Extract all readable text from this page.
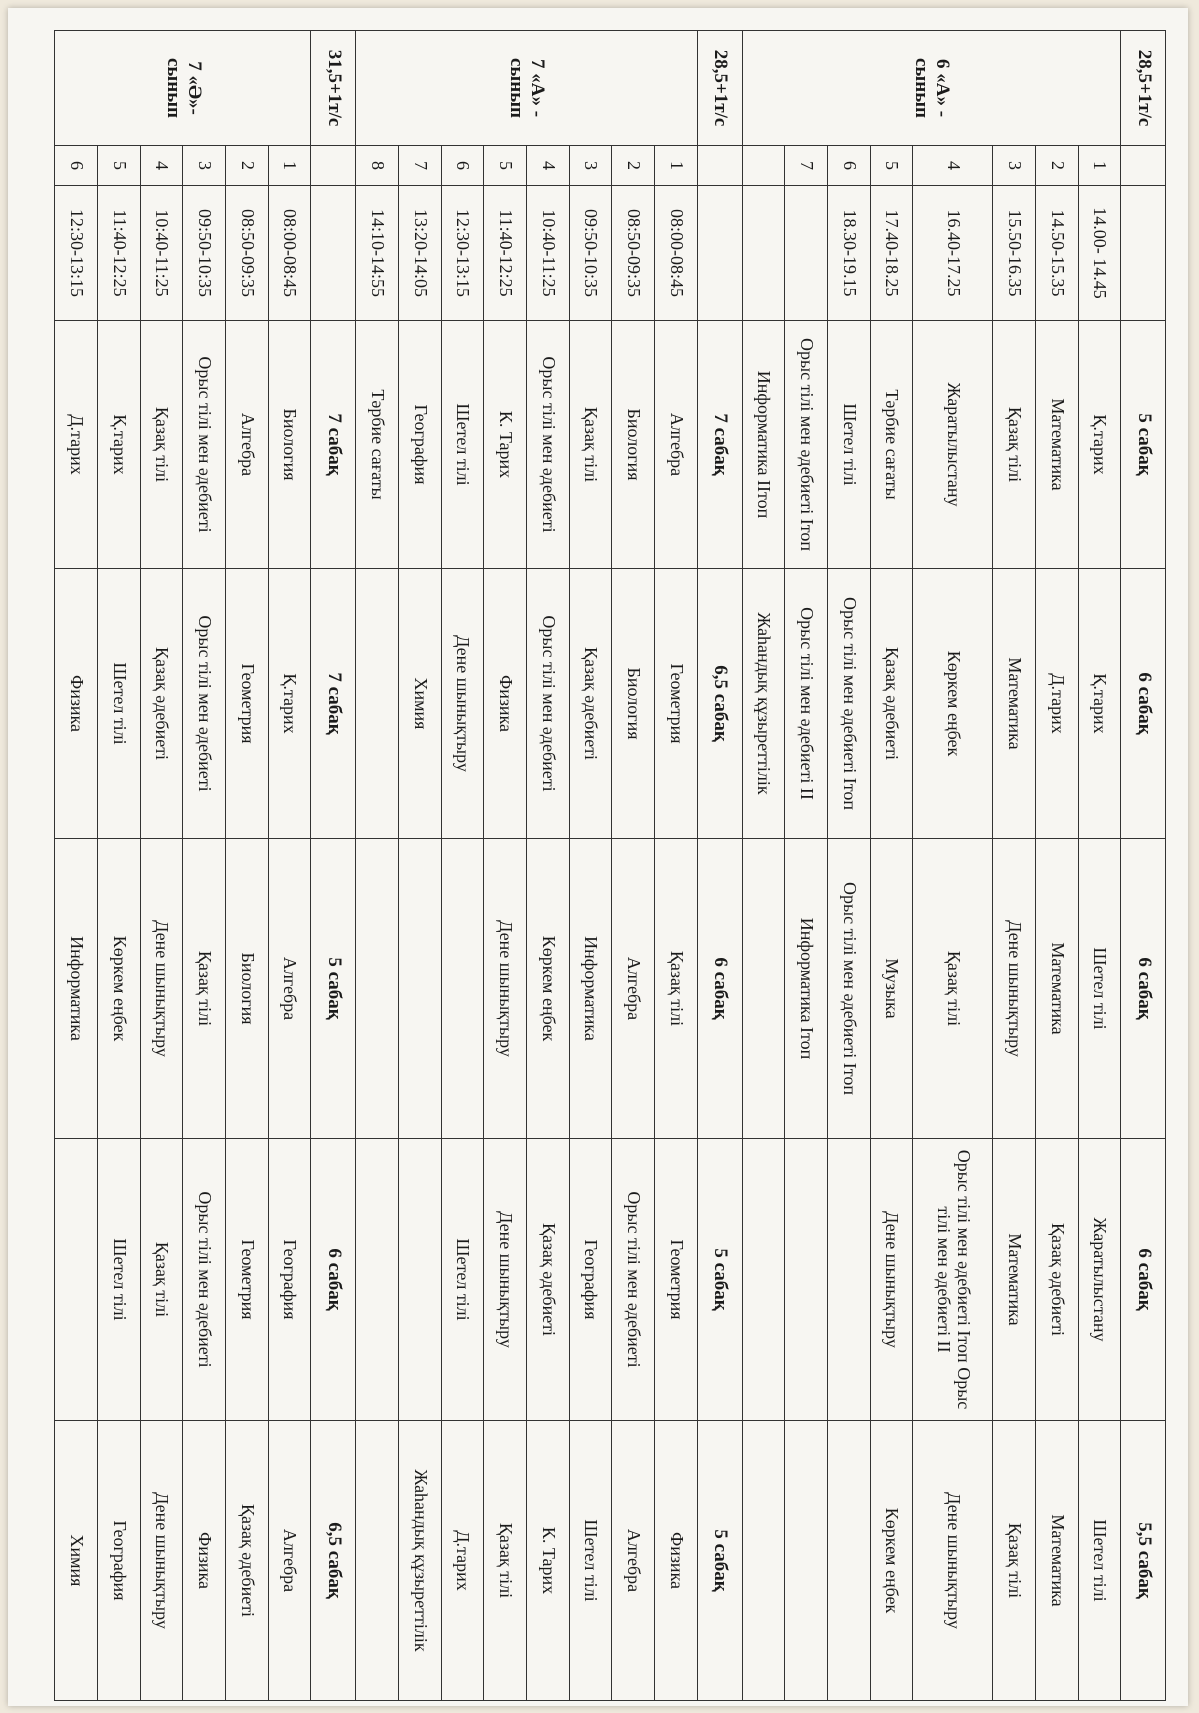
28,5+1т/с			5 сабақ	6 сабақ	6 сабақ	6 сабақ	5,5 сабақ
6 «А» - сынып	1	14.00- 14.45	Қ.тарих	Қ.тарих	Шетел тілі	Жаратылыстану	Шетел тілі
	2	14.50-15.35	Математика	Д.тарих	Математика	Қазақ әдебиеті	Математика
	3	15.50-16.35	Қазақ тілі	Математика	Дене шынықтыру	Математика	Қазақ тілі
	4	16.40-17.25	Жаратылыстану	Көркем еңбек	Қазақ тілі	Орыс тілі мен әдебиеті Ітоп Орыс тілі мен әдебиеті ІІ	Дене шынықтыру
	5	17.40-18.25	Тәрбие сағаты	Қазақ әдебиеті	Музыка	Дене шынықтыру	Көркем еңбек
	6	18.30-19.15	Шетел тілі	Орыс тілі мен әдебиеті Ітоп	Орыс тілі мен әдебиеті Ітоп		
	7		Орыс тілі мен әдебиеті Ітоп	Орыс тілі мен әдебиеті ІІ	Информатика Ітоп		
			Информатика ІІтоп	Жаһандық құзыреттілік			
28,5+1т/с			7 сабақ	6,5 сабақ	6 сабақ	5 сабақ	5 сабақ
7 «А» - сынып	1	08:00-08:45	Алгебра	Геометрия	Қазақ тілі	Геометрия	Физика
	2	08:50-09:35	Биология	Биология	Алгебра	Орыс тілі мен әдебиеті	Алгебра
	3	09:50-10:35	Қазақ тілі	Қазақ әдебиеті	Информатика	География	Шетел тілі
	4	10:40-11:25	Орыс тілі мен әдебиеті	Орыс тілі мен әдебиеті	Көркем еңбек	Қазақ әдебиеті	К. Тарих
	5	11:40-12:25	К. Тарих	Физика	Дене шынықтыру	Дене шынықтыру	Қазақ тілі
	6	12:30-13:15	Шетел тілі	Дене шынықтыру		Шетел тілі	Д.тарих
	7	13:20-14:05	География	Химия			Жаһандық құзыреттілік
	8	14:10-14:55	Тәрбие сағаты				
31,5+1т/с			7 сабақ	7 сабақ	5 сабақ	6 сабақ	6,5 сабақ
7 «Ә»- сынып	1	08:00-08:45	Биология	Қ.тарих	Алгебра	География	Алгебра
	2	08:50-09:35	Алгебра	Геометрия	Биология	Геометрия	Қазақ әдебиеті
	3	09:50-10:35	Орыс тілі мен әдебиеті	Орыс тілі мен әдебиеті	Қазақ тілі	Орыс тілі мен әдебиеті	Физика
	4	10:40-11:25	Қазақ тілі	Қазақ әдебиеті	Дене шынықтыру	Қазақ тілі	Дене шынықтыру
	5	11:40-12:25	Қ.тарих	Шетел тілі	Көркем еңбек	Шетел тілі	География
	6	12:30-13:15	Д.тарих	Физика	Информатика		Химия
